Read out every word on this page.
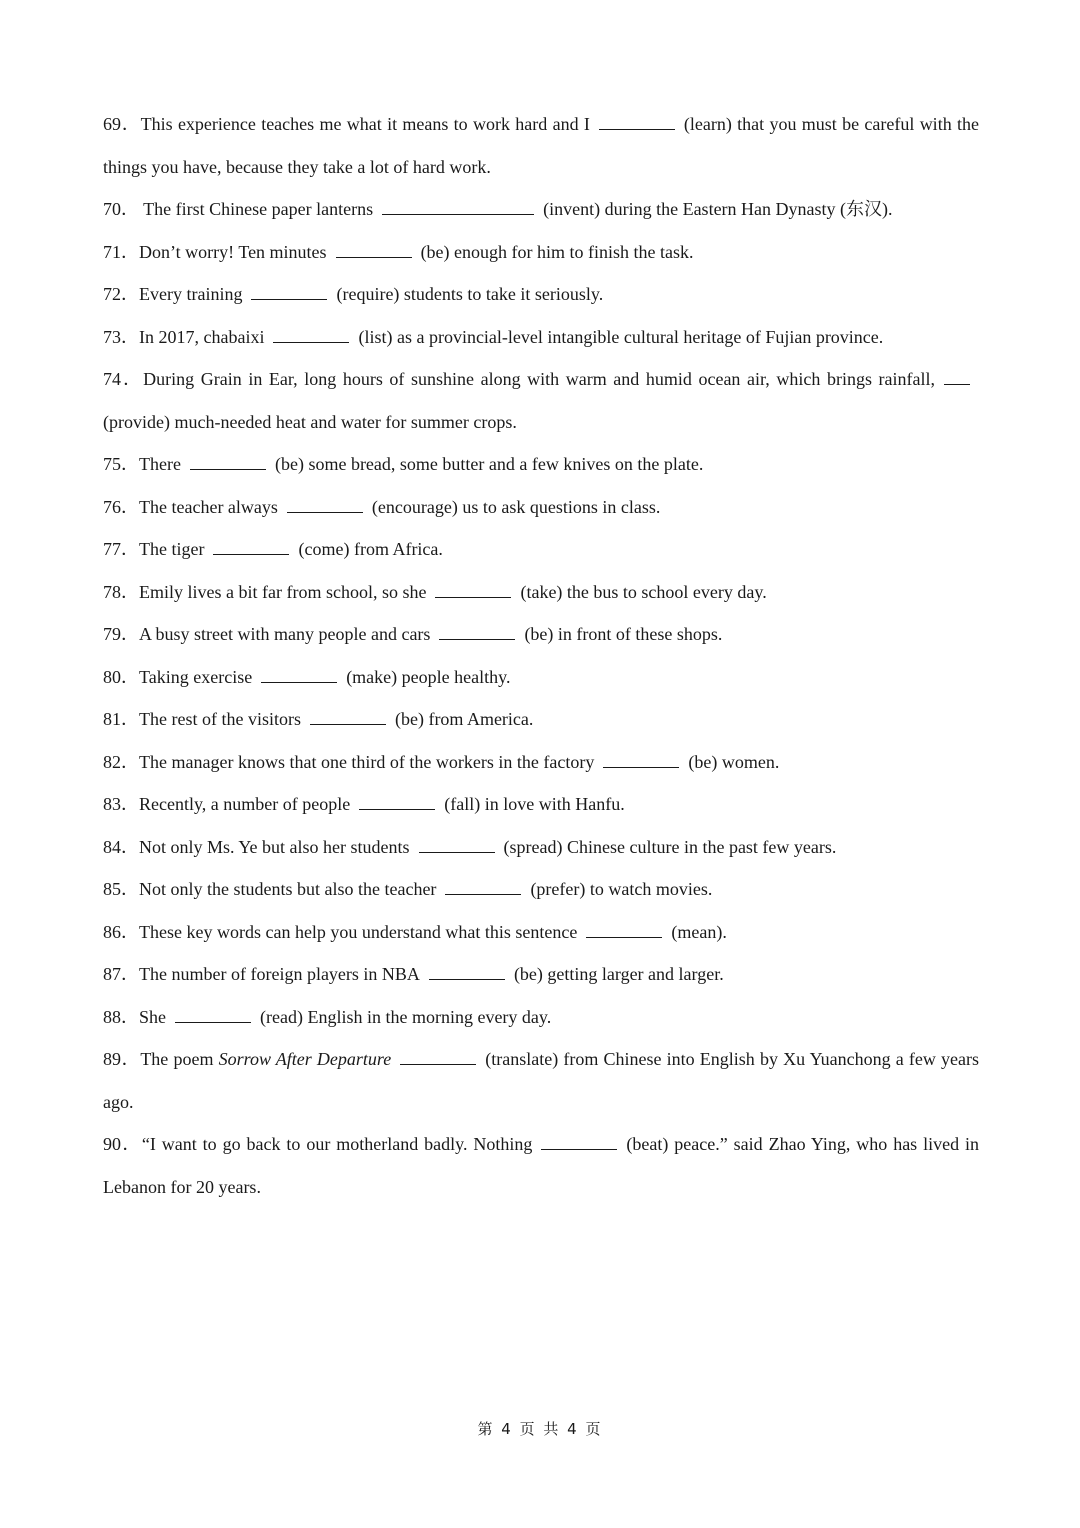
69．This experience teaches me what it means to work hard and I	(learn) that you must be careful with the things you have, because they take a lot of hard work.

70． The first Chinese paper lanterns	(invent) during the Eastern Han Dynasty (东汉).

71．Don’t worry! Ten minutes	(be) enough for him to finish the task.

72．Every training	(require) students to take it seriously.

73．In 2017, chabaixi	(list) as a provincial-level intangible cultural heritage of Fujian province.

74．During Grain in Ear, long hours of sunshine along with warm and humid ocean air, which brings rainfall,(provide) much-needed heat and water for summer crops.

75．There	(be) some bread, some butter and a few knives on the plate.

76．The teacher always	(encourage) us to ask questions in class.

77．The tiger	(come) from Africa.

78．Emily lives a bit far from school, so she	(take) the bus to school every day.

79．A busy street with many people and cars	(be) in front of these shops.

80．Taking exercise	(make) people healthy.

81．The rest of the visitors	(be) from America.

82．The manager knows that one third of the workers in the factory	(be) women.

83．Recently, a number of people	(fall) in love with Hanfu.

84．Not only Ms. Ye but also her students	(spread) Chinese culture in the past few years.

85．Not only the students but also the teacher	(prefer) to watch movies.

86．These key words can help you understand what this sentence	(mean).

87．The number of foreign players in NBA	(be) getting larger and larger.

88．She	(read) English in the morning every day.

89．The poem Sorrow After Departure	(translate) from Chinese into English by Xu Yuanchong a few years ago.

90．“I want to go back to our motherland badly. Nothing	(beat) peace.” said Zhao Ying, who has lived in Lebanon for 20 years.

第 4 页 共 4 页
